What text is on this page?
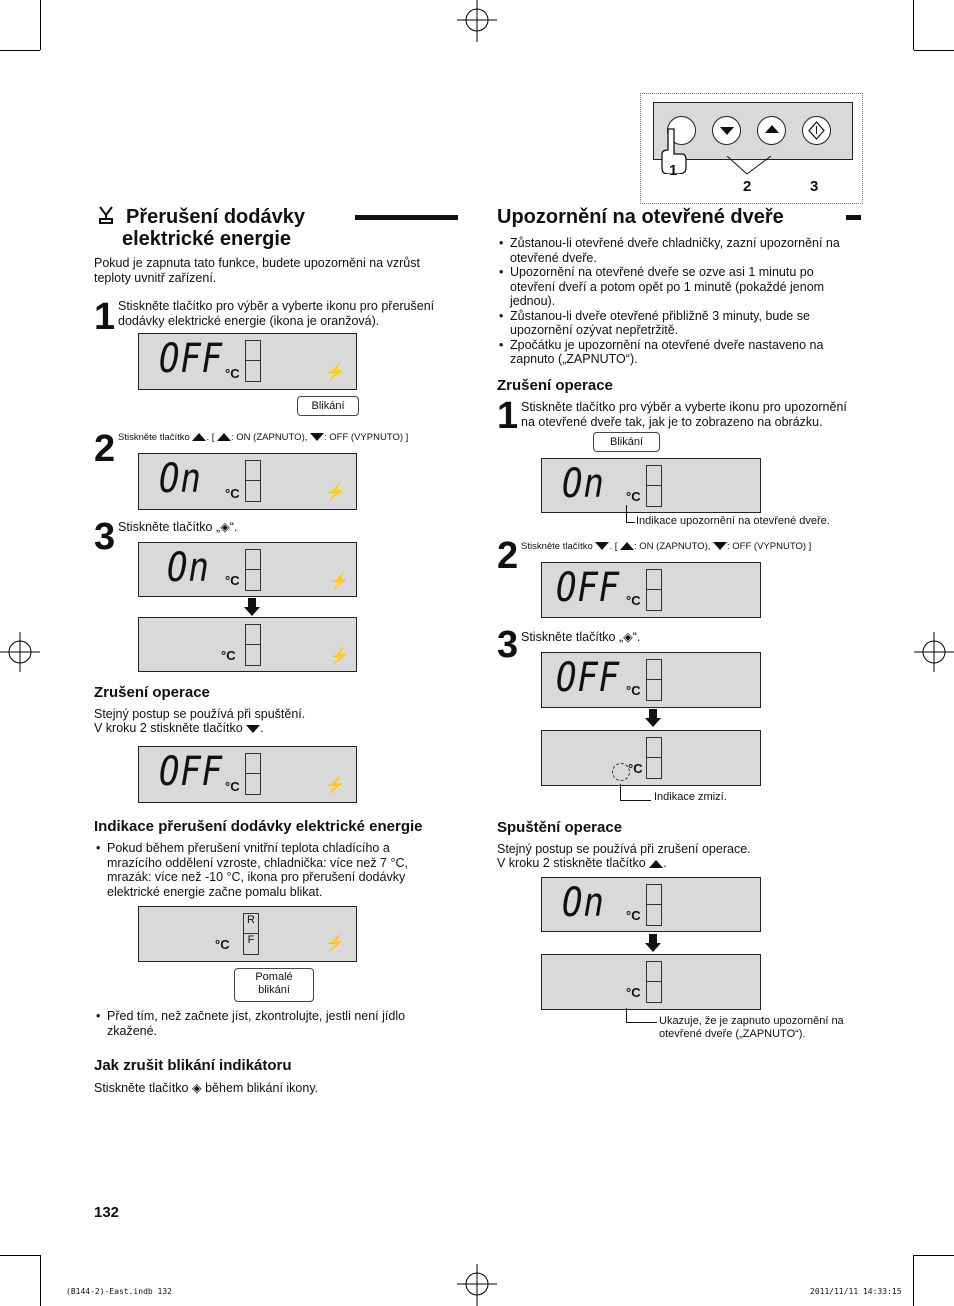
1
2	3
Přerušení dodávky
elektrické energie
Pokud je zapnuta tato funkce, budete upozorněni na vzrůst teploty uvnitř zařízení.
1 Stiskněte tlačítko pro výběr a vyberte ikonu pro přerušení dodávky elektrické energie (ikona je oranžová).
OFF °C	⚡
Blikání
2 Stiskněte tlačítko . [ : ON (ZAPNUTO), : OFF (VYPNUTO) ]
On °C	⚡
3 Stiskněte tlačítko „◈“.
On °C	⚡
°C	⚡
Zrušení operace
Stejný postup se používá při spuštění.
V kroku 2 stiskněte tlačítko .
OFF °C	⚡
Indikace přerušení dodávky elektrické energie
• Pokud během přerušení vnitřní teplota chladícího a mrazícího oddělení vzroste, chladnička: více než 7 °C, mrazák: více než -10 °C, ikona pro přerušení dodávky elektrické energie začne pomalu blikat.
°C
R
F	⚡
Pomalé
blikání
• Před tím, než začnete jíst, zkontrolujte, jestli není jídlo zkažené.
Jak zrušit blikání indikátoru
Stiskněte tlačítko ◈ během blikání ikony.
132
Upozornění na otevřené dveře
• Zůstanou-li otevřené dveře chladničky, zazní upozornění na otevřené dveře.
• Upozornění na otevřené dveře se ozve asi 1 minutu po otevření dveří a potom opět po 1 minutě (pokaždé jenom jednou).
• Zůstanou-li dveře otevřené přibližně 3 minuty, bude se upozornění ozývat nepřetržitě.
• Zpočátku je upozornění na otevřené dveře nastaveno na zapnuto („ZAPNUTO“).
Zrušení operace
1 Stiskněte tlačítko pro výběr a vyberte ikonu pro upozornění na otevřené dveře tak, jak je to zobrazeno na obrázku.
Blikání
On °C
Indikace upozornění na otevřené dveře.
2 Stiskněte tlačítko . [ : ON (ZAPNUTO), : OFF (VYPNUTO) ]
OFF °C
3 Stiskněte tlačítko „◈“.
OFF °C
°C
Indikace zmizí.
Spuštění operace
Stejný postup se používá při zrušení operace.
V kroku 2 stiskněte tlačítko .
On °C
°C
Ukazuje, že je zapnuto upozornění na otevřené dveře („ZAPNUTO“).
(B144-2)-East.indb 132	2011/11/11 14:33:15
